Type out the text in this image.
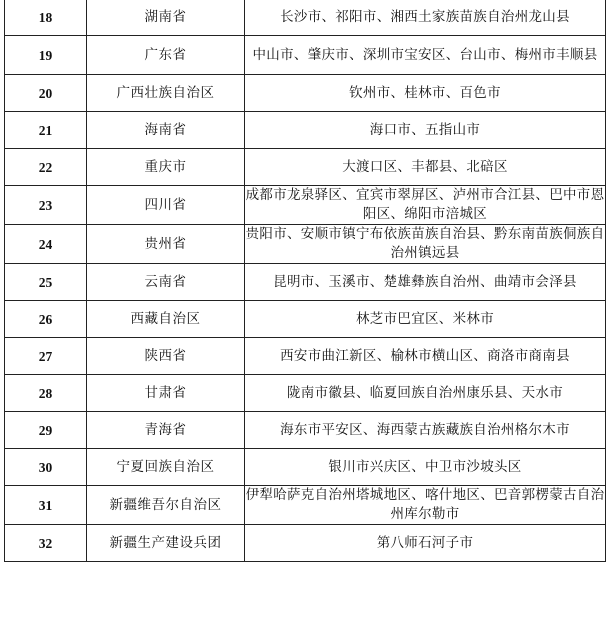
18	湖南省	长沙市、祁阳市、湘西土家族苗族自治州龙山县
19	广东省	中山市、肇庆市、深圳市宝安区、台山市、梅州市丰顺县
20	广西壮族自治区	钦州市、桂林市、百色市
21	海南省	海口市、五指山市
22	重庆市	大渡口区、丰都县、北碚区
23	四川省	成都市龙泉驿区、宜宾市翠屏区、泸州市合江县、巴中市恩阳区、绵阳市涪城区
24	贵州省	贵阳市、安顺市镇宁布依族苗族自治县、黔东南苗族侗族自治州镇远县
25	云南省	昆明市、玉溪市、楚雄彝族自治州、曲靖市会泽县
26	西藏自治区	林芝市巴宜区、米林市
27	陕西省	西安市曲江新区、榆林市横山区、商洛市商南县
28	甘肃省	陇南市徽县、临夏回族自治州康乐县、天水市
29	青海省	海东市平安区、海西蒙古族藏族自治州格尔木市
30	宁夏回族自治区	银川市兴庆区、中卫市沙坡头区
31	新疆维吾尔自治区	伊犁哈萨克自治州塔城地区、喀什地区、巴音郭楞蒙古自治州库尔勒市
32	新疆生产建设兵团	第八师石河子市
